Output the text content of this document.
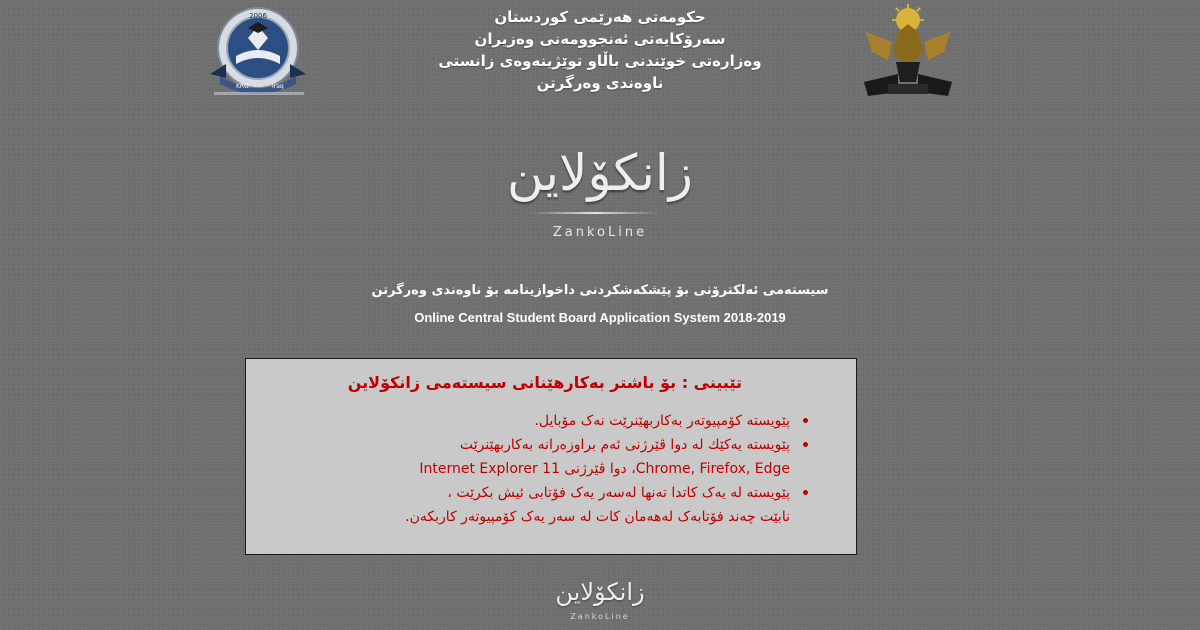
2006
KRG	Iraq
حکومەتی هەرێمی کوردستان
سەرۆکایەتی ئەنجوومەنی وەزیران
وەزارەتی خوێندنی باڵاو توێژینەوەی زانستی
ناوەندی وەرگرتن
زانکۆلاین
ZankoLine
سیستەمی ئەلکترۆنی بۆ پێشکەشکردنی داخوازینامە بۆ ناوەندی وەرگرتن
Online Central Student Board Application System 2018-2019
تێبینی : بۆ باشتر بەکارهێنانی سیستەمی زانکۆلاین
پێویستە کۆمپیوتەر بەکاربهێنرێت نەک مۆبایل.
پێویستە یەکێك لە دوا ڤێرژنی ئەم براوزەرانە بەکاربهێنرێت
Chrome, Firefox, Edge، دوا ڤێرژنی Internet Explorer 11
پێویستە لە یەک کاتدا تەنها لەسەر یەک فۆتابی ئیش بکرێت ،
نابێت چەند فۆتابەک لەهەمان کات لە سەر یەک کۆمپیوتەر کاربکەن.
زانکۆلاین
ZankoLine
